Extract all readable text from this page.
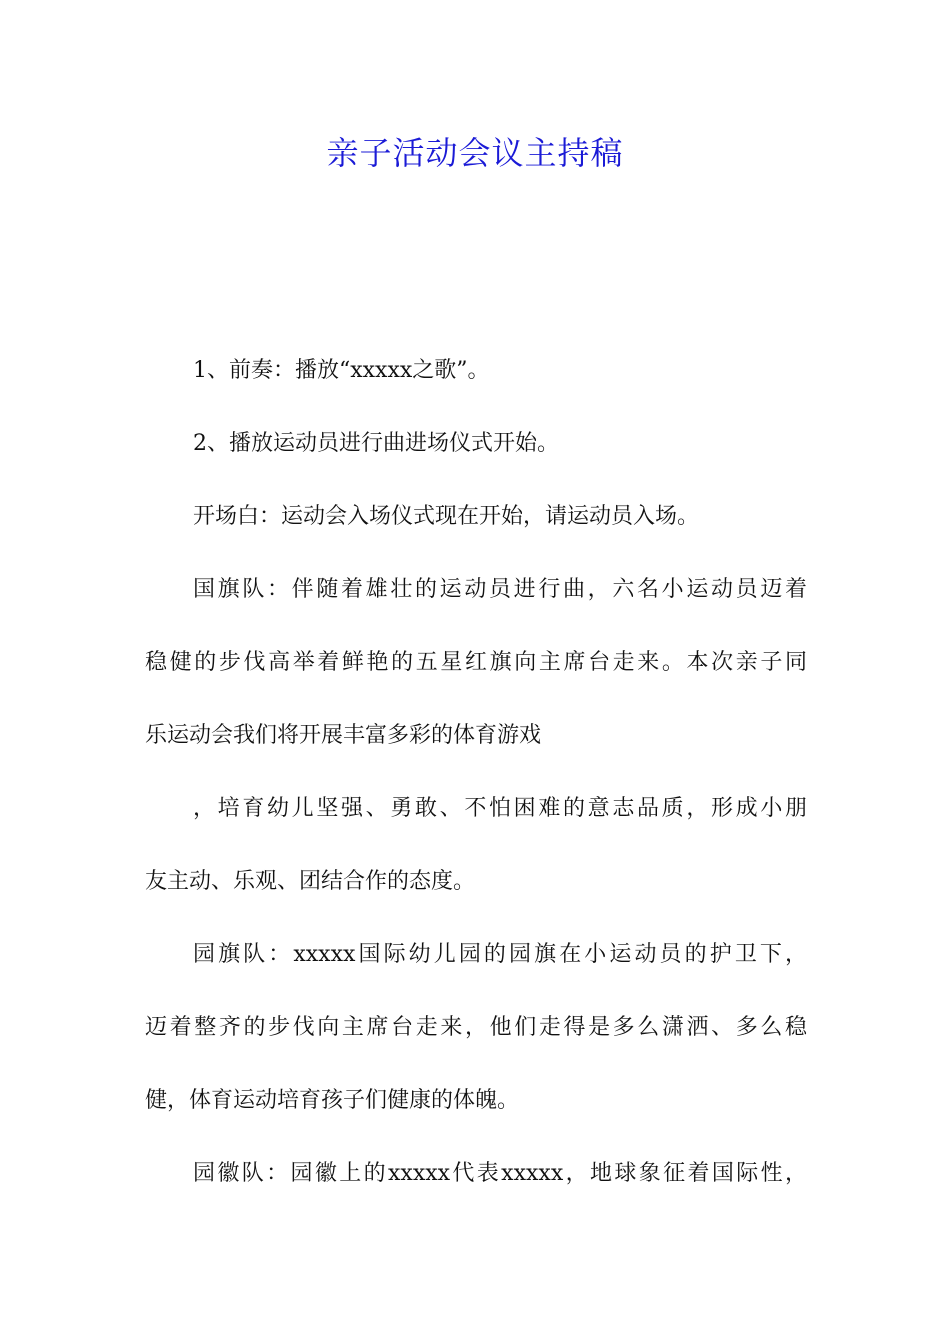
亲子活动会议主持稿
1、前奏：播放“xxxxx之歌”。
2、播放运动员进行曲进场仪式开始。
开场白：运动会入场仪式现在开始，请运动员入场。
国旗队：伴随着雄壮的运动员进行曲，六名小运动员迈着
稳健的步伐高举着鲜艳的五星红旗向主席台走来。本次亲子同
乐运动会我们将开展丰富多彩的体育游戏
，培育幼儿坚强、勇敢、不怕困难的意志品质，形成小朋
友主动、乐观、团结合作的态度。
园旗队：xxxxx国际幼儿园的园旗在小运动员的护卫下，
迈着整齐的步伐向主席台走来，他们走得是多么潇洒、多么稳
健，体育运动培育孩子们健康的体魄。
园徽队：园徽上的xxxxx代表xxxxx，地球象征着国际性，
